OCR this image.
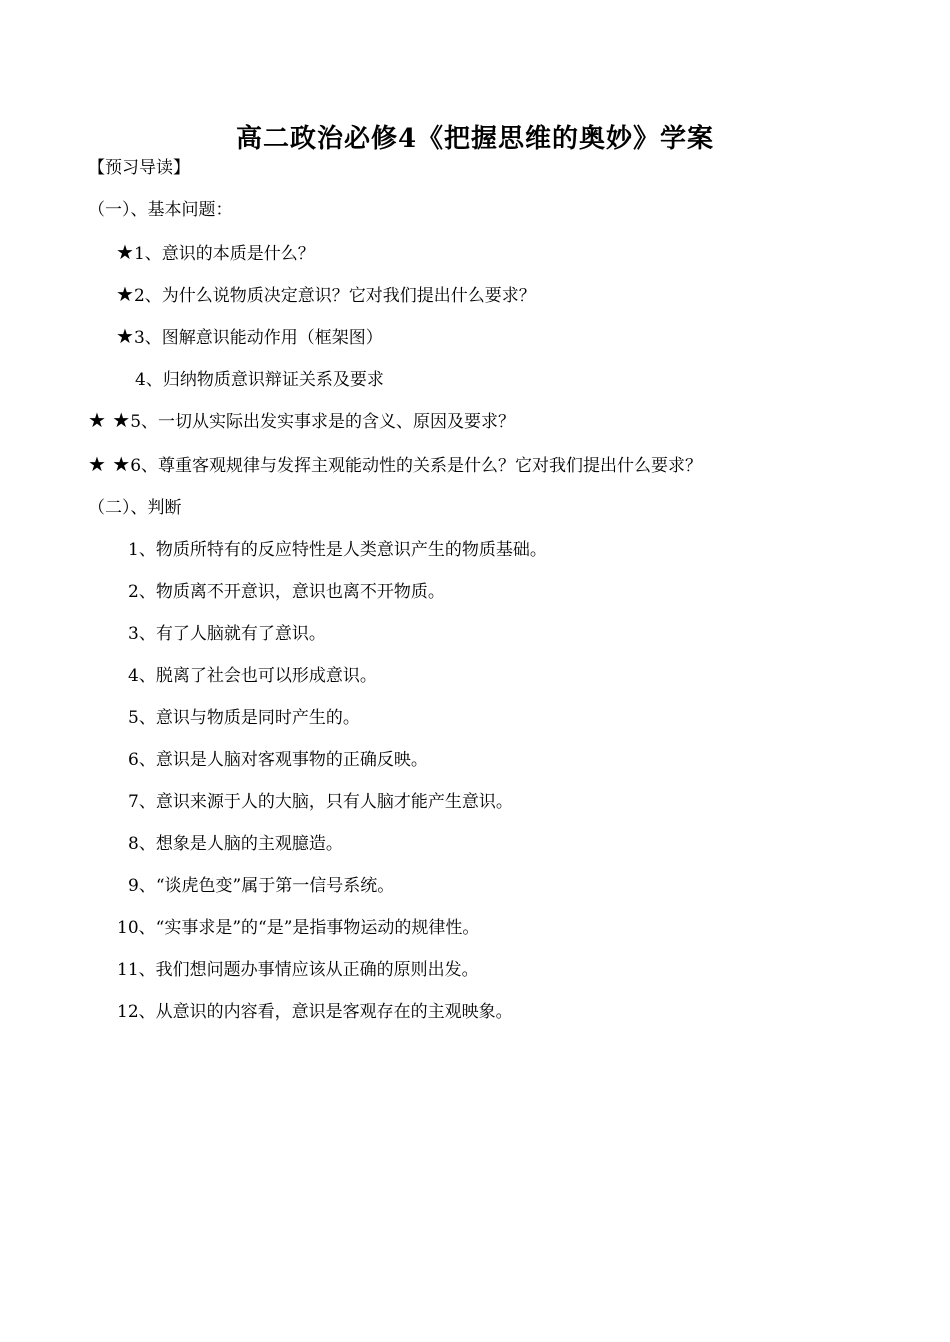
高二政治必修4《把握思维的奥妙》学案
【预习导读】
（一）、基本问题：
★1、意识的本质是什么？
★2、为什么说物质决定意识？它对我们提出什么要求？
★3、图解意识能动作用（框架图）
4、归纳物质意识辩证关系及要求
★ ★5、一切从实际出发实事求是的含义、原因及要求？
★ ★6、尊重客观规律与发挥主观能动性的关系是什么？它对我们提出什么要求？
（二）、判断
1、物质所特有的反应特性是人类意识产生的物质基础。
2、物质离不开意识，意识也离不开物质。
3、有了人脑就有了意识。
4、脱离了社会也可以形成意识。
5、意识与物质是同时产生的。
6、意识是人脑对客观事物的正确反映。
7、意识来源于人的大脑，只有人脑才能产生意识。
8、想象是人脑的主观臆造。
9、“谈虎色变”属于第一信号系统。
10、“实事求是”的“是”是指事物运动的规律性。
11、我们想问题办事情应该从正确的原则出发。
12、从意识的内容看，意识是客观存在的主观映象。
